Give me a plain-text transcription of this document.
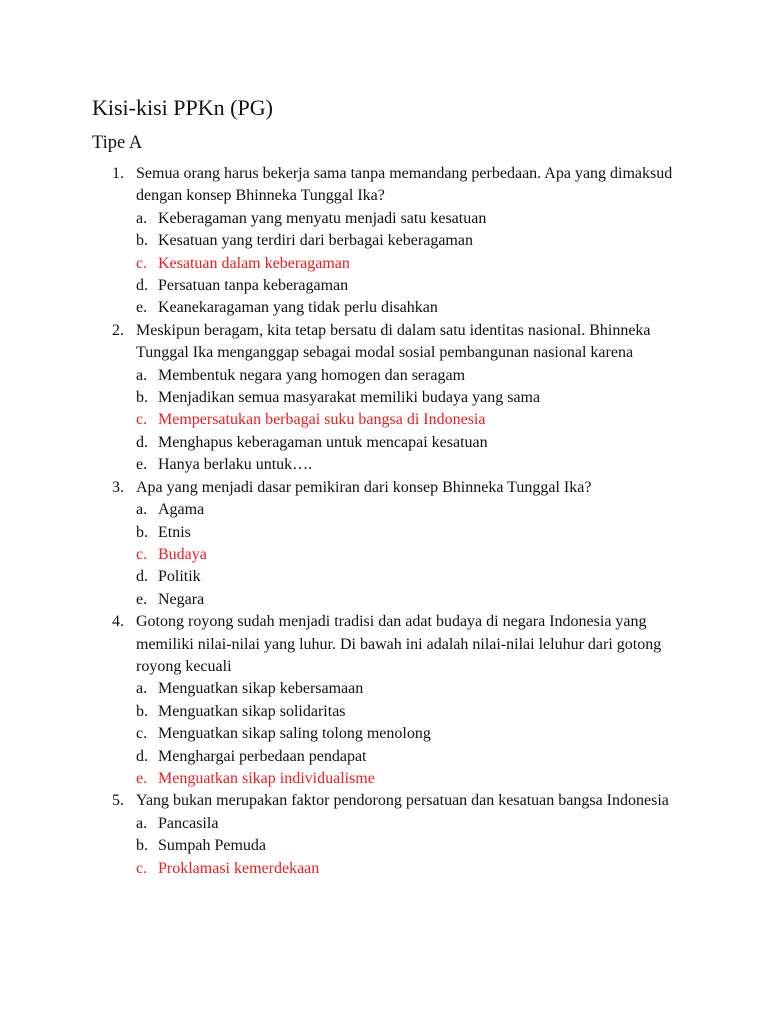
Kisi-kisi PPKn (PG)
Tipe A
1. Semua orang harus bekerja sama tanpa memandang perbedaan. Apa yang dimaksud dengan konsep Bhinneka Tunggal Ika?
a. Keberagaman yang menyatu menjadi satu kesatuan
b. Kesatuan yang terdiri dari berbagai keberagaman
c. Kesatuan dalam keberagaman
d. Persatuan tanpa keberagaman
e. Keanekaragaman yang tidak perlu disahkan
2. Meskipun beragam, kita tetap bersatu di dalam satu identitas nasional. Bhinneka Tunggal Ika menganggap sebagai modal sosial pembangunan nasional karena
a. Membentuk negara yang homogen dan seragam
b. Menjadikan semua masyarakat memiliki budaya yang sama
c. Mempersatukan berbagai suku bangsa di Indonesia
d. Menghapus keberagaman untuk mencapai kesatuan
e. Hanya berlaku untuk….
3. Apa yang menjadi dasar pemikiran dari konsep Bhinneka Tunggal Ika?
a. Agama
b. Etnis
c. Budaya
d. Politik
e. Negara
4. Gotong royong sudah menjadi tradisi dan adat budaya di negara Indonesia yang memiliki nilai-nilai yang luhur. Di bawah ini adalah nilai-nilai leluhur dari gotong royong kecuali
a. Menguatkan sikap kebersamaan
b. Menguatkan sikap solidaritas
c. Menguatkan sikap saling tolong menolong
d. Menghargai perbedaan pendapat
e. Menguatkan sikap individualisme
5. Yang bukan merupakan faktor pendorong persatuan dan kesatuan bangsa Indonesia
a. Pancasila
b. Sumpah Pemuda
c. Proklamasi kemerdekaan
